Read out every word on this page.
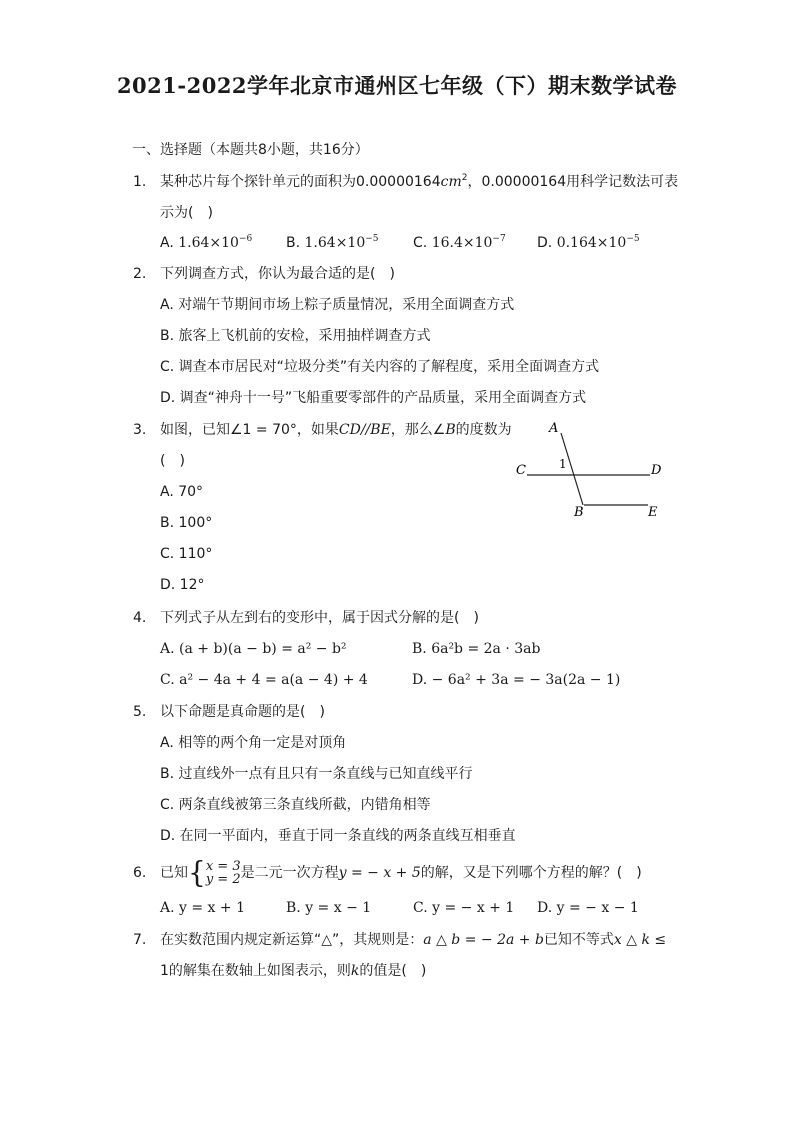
2021-2022学年北京市通州区七年级（下）期末数学试卷
一、选择题（本题共8小题，共16分）
1. 某种芯片每个探针单元的面积为$0.00000164cm^2$，0.00000164用科学记数法可表
示为(　)
A. $1.64\times 10^{-6}$ B. $1.64\times 10^{-5}$ C. $16.4\times 10^{-7}$ D. $0.164\times 10^{-5}$
2. 下列调查方式，你认为最合适的是(　)
A. 对端午节期间市场上粽子质量情况，采用全面调查方式
B. 旅客上飞机前的安检，采用抽样调查方式
C. 调查本市居民对“垃圾分类”有关内容的了解程度，采用全面调查方式
D. 调查“神舟十一号”飞船重要零部件的产品质量，采用全面调查方式
3. 如图，已知∠1 = 70°，如果CD//BE，那么∠B的度数为
(　)
A. 70°
B. 100°
C. 110°
D. 12°
A
C	D
B	E
1
4. 下列式子从左到右的变形中，属于因式分解的是(　)
A. (a + b)(a − b) = a² − b²	B. 6a²b = 2a · 3ab
C. a² − 4a + 4 = a(a − 4) + 4	D. − 6a² + 3a = − 3a(2a − 1)
5. 以下命题是真命题的是(　)
A. 相等的两个角一定是对顶角
B. 过直线外一点有且只有一条直线与已知直线平行
C. 两条直线被第三条直线所截，内错角相等
D. 在同一平面内，垂直于同一条直线的两条直线互相垂直
6. 已知{x = 3
y = 2是二元一次方程y = − x + 5的解，又是下列哪个方程的解？(　)
A. y = x + 1	B. y = x − 1	C. y = − x + 1 D. y = − x − 1
7. 在实数范围内规定新运算“△”，其规则是：a △ b = − 2a + b已知不等式x △ k ≤
1的解集在数轴上如图表示，则k的值是(　)
